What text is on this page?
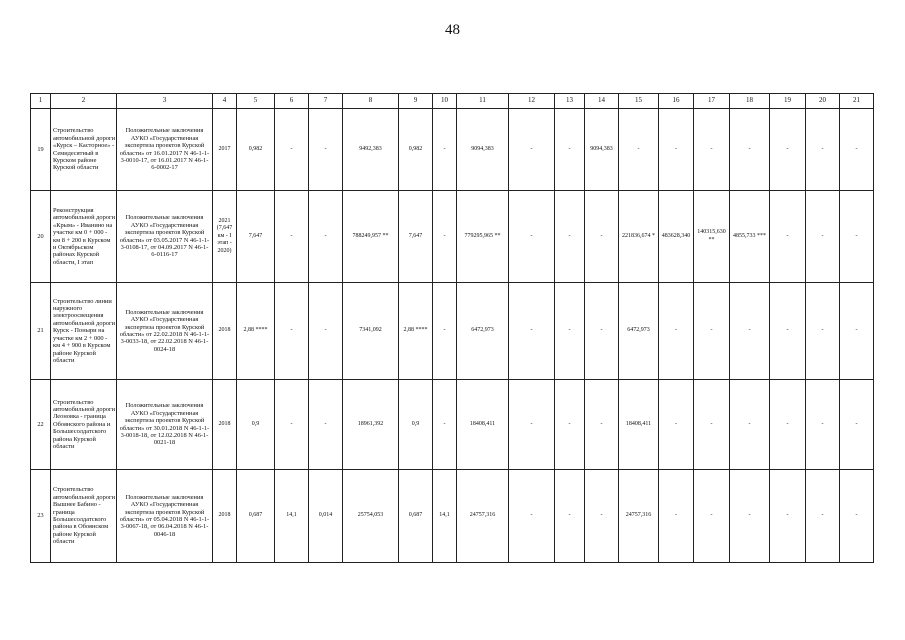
48
1	2	3	4	5	6	7	8	9	10	11	12	13	14	15	16	17	18	19	20	21
19	Строительство автомобильной дороги «Курск – Касторное» - Семидесятный в Курском районе Курской области	Положительные заключения АУКО «Государственная экспертиза проектов Курской области» от 16.01.2017 N 46-1-1-3-0010-17, от 16.01.2017 N 46-1-6-0002-17	2017	0,982	-	-	9492,383	0,982	-	9094,383	-	-	9094,383	-	-	-	-	-	-	-
20	Реконструкция автомобильной дороги «Крым» - Иванино на участке км 0 + 000 - км 8 + 200 в Курском и Октябрьском районах Курской области, I этап	Положительные заключения АУКО «Государственная экспертиза проектов Курской области» от 03.05.2017 N 46-1-1-3-0108-17, от 04.09.2017 N 46-1-6-0116-17	2021 (7,647 км - I этап - 2020)	7,647	-	-	788249,957 **	7,647	-	779295,965 **	-	-	-	221836,674 *	483628,340	140315,630 **	4855,733 ***	-	-	-
21	Строительство линии наружного электроосвещения автомобильной дороги Курск - Поныри на участке км 2 + 000 - км 4 + 900 в Курском районе Курской области	Положительные заключения АУКО «Государственная экспертиза проектов Курской области» от 22.02.2018 N 46-1-1-3-0033-18, от 22.02.2018 N 46-1-0024-18	2018	2,88 ****	-	-	7341,092	2,88 ****	-	6472,973	-	-	-	6472,973	-	-	-	-	-	-
22	Строительство автомобильной дороги Леоновка - граница Обоянского района и Большесолдатского района Курской области	Положительные заключения АУКО «Государственная экспертиза проектов Курской области» от 30.01.2018 N 46-1-1-3-0018-18, от 12.02.2018 N 46-1-0021-18	2018	0,9	-	-	18961,392	0,9	-	18408,411	-	-	-	18408,411	-	-	-	-	-	-
23	Строительство автомобильной дороги Вышнее Бабино - граница Большесолдатского района в Обоянском районе Курской области	Положительные заключения АУКО «Государственная экспертиза проектов Курской области» от 05.04.2018 N 46-1-1-3-0067-18, от 06.04.2018 N 46-1-0046-18	2018	0,687	14,1	0,014	25754,053	0,687	14,1	24757,316	-	-	-	24757,316	-	-	-	-	-	-
